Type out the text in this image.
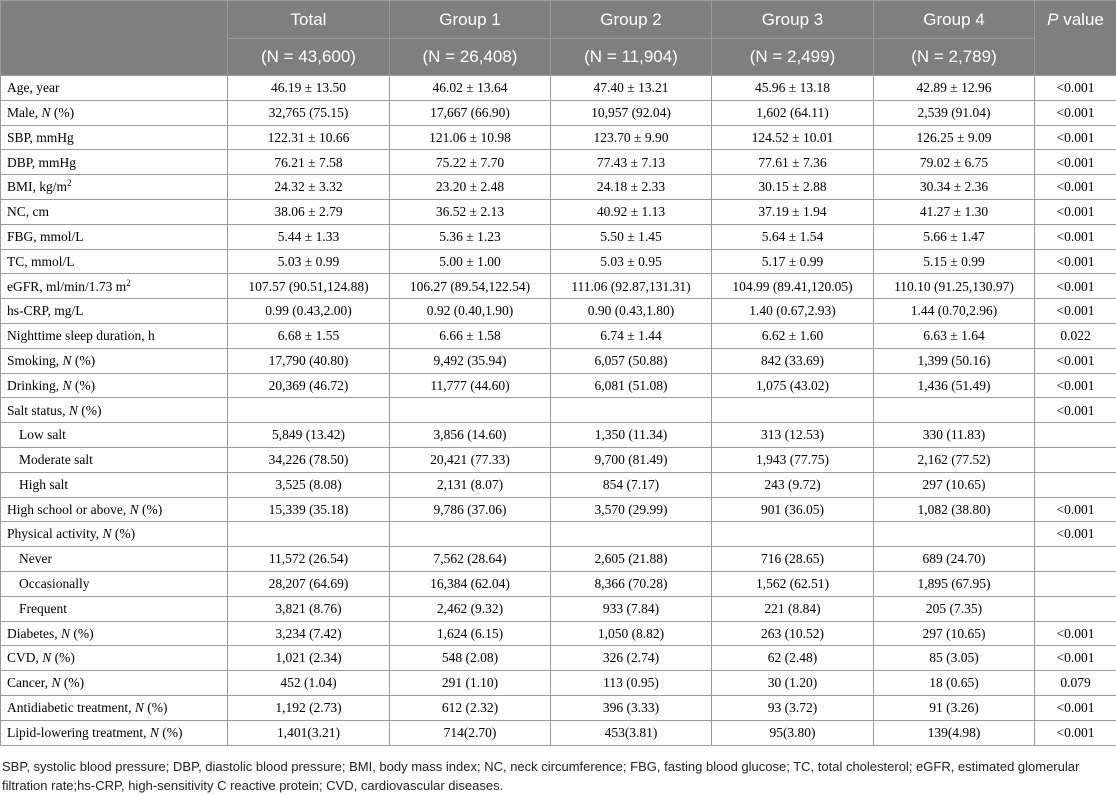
	Total	Group 1	Group 2	Group 3	Group 4	P value
	(N = 43,600)	(N = 26,408)	(N = 11,904)	(N = 2,499)	(N = 2,789)	
Age, year	46.19 ± 13.50	46.02 ± 13.64	47.40 ± 13.21	45.96 ± 13.18	42.89 ± 12.96	<0.001
Male, N (%)	32,765 (75.15)	17,667 (66.90)	10,957 (92.04)	1,602 (64.11)	2,539 (91.04)	<0.001
SBP, mmHg	122.31 ± 10.66	121.06 ± 10.98	123.70 ± 9.90	124.52 ± 10.01	126.25 ± 9.09	<0.001
DBP, mmHg	76.21 ± 7.58	75.22 ± 7.70	77.43 ± 7.13	77.61 ± 7.36	79.02 ± 6.75	<0.001
BMI, $kg/m^2$	24.32 ± 3.32	23.20 ± 2.48	24.18 ± 2.33	30.15 ± 2.88	30.34 ± 2.36	<0.001
NC, cm	38.06 ± 2.79	36.52 ± 2.13	40.92 ± 1.13	37.19 ± 1.94	41.27 ± 1.30	<0.001
FBG, mmol/L	5.44 ± 1.33	5.36 ± 1.23	5.50 ± 1.45	5.64 ± 1.54	5.66 ± 1.47	<0.001
TC, mmol/L	5.03 ± 0.99	5.00 ± 1.00	5.03 ± 0.95	5.17 ± 0.99	5.15 ± 0.99	<0.001
eGFR, ml/min/1.73 $m^2$	107.57 (90.51,124.88)	106.27 (89.54,122.54)	111.06 (92.87,131.31)	104.99 (89.41,120.05)	110.10 (91.25,130.97)	<0.001
hs-CRP, mg/L	0.99 (0.43,2.00)	0.92 (0.40,1.90)	0.90 (0.43,1.80)	1.40 (0.67,2.93)	1.44 (0.70,2.96)	<0.001
Nighttime sleep duration, h	6.68 ± 1.55	6.66 ± 1.58	6.74 ± 1.44	6.62 ± 1.60	6.63 ± 1.64	0.022
Smoking, N (%)	17,790 (40.80)	9,492 (35.94)	6,057 (50.88)	842 (33.69)	1,399 (50.16)	<0.001
Drinking, N (%)	20,369 (46.72)	11,777 (44.60)	6,081 (51.08)	1,075 (43.02)	1,436 (51.49)	<0.001
Salt status, N (%)						<0.001
Low salt	5,849 (13.42)	3,856 (14.60)	1,350 (11.34)	313 (12.53)	330 (11.83)	
Moderate salt	34,226 (78.50)	20,421 (77.33)	9,700 (81.49)	1,943 (77.75)	2,162 (77.52)	
High salt	3,525 (8.08)	2,131 (8.07)	854 (7.17)	243 (9.72)	297 (10.65)	
High school or above, N (%)	15,339 (35.18)	9,786 (37.06)	3,570 (29.99)	901 (36.05)	1,082 (38.80)	<0.001
Physical activity, N (%)						<0.001
Never	11,572 (26.54)	7,562 (28.64)	2,605 (21.88)	716 (28.65)	689 (24.70)	
Occasionally	28,207 (64.69)	16,384 (62.04)	8,366 (70.28)	1,562 (62.51)	1,895 (67.95)	
Frequent	3,821 (8.76)	2,462 (9.32)	933 (7.84)	221 (8.84)	205 (7.35)	
Diabetes, N (%)	3,234 (7.42)	1,624 (6.15)	1,050 (8.82)	263 (10.52)	297 (10.65)	<0.001
CVD, N (%)	1,021 (2.34)	548 (2.08)	326 (2.74)	62 (2.48)	85 (3.05)	<0.001
Cancer, N (%)	452 (1.04)	291 (1.10)	113 (0.95)	30 (1.20)	18 (0.65)	0.079
Antidiabetic treatment, N (%)	1,192 (2.73)	612 (2.32)	396 (3.33)	93 (3.72)	91 (3.26)	<0.001
Lipid-lowering treatment, N (%)	1,401(3.21)	714(2.70)	453(3.81)	95(3.80)	139(4.98)	<0.001
SBP, systolic blood pressure; DBP, diastolic blood pressure; BMI, body mass index; NC, neck circumference; FBG, fasting blood glucose; TC, total cholesterol; eGFR, estimated glomerular filtration rate;hs-CRP, high-sensitivity C reactive protein; CVD, cardiovascular diseases.
